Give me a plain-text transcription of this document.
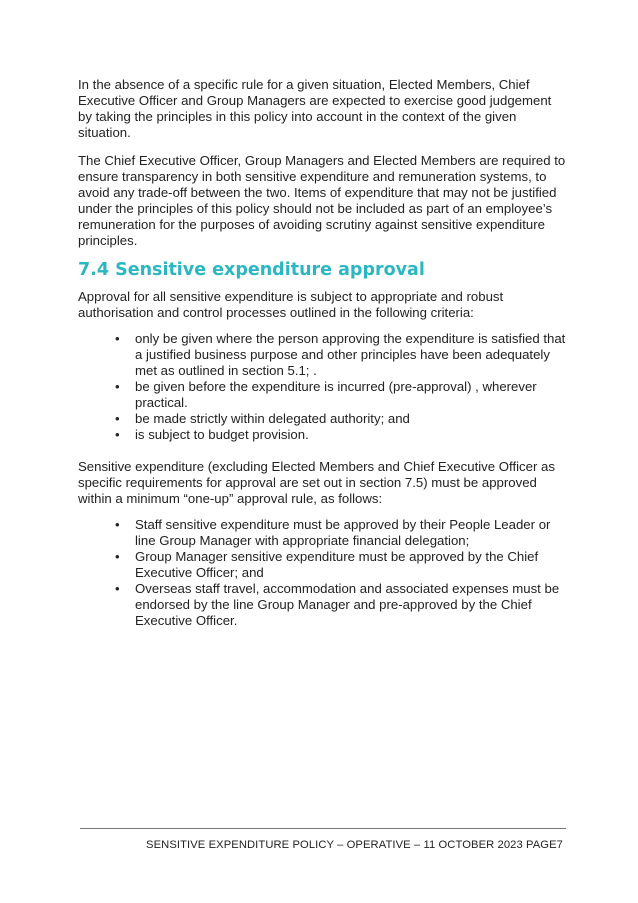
In the absence of a specific rule for a given situation, Elected Members, Chief Executive Officer and Group Managers are expected to exercise good judgement by taking the principles in this policy into account in the context of the given situation.

The Chief Executive Officer, Group Managers and Elected Members are required to ensure transparency in both sensitive expenditure and remuneration systems, to avoid any trade-off between the two. Items of expenditure that may not be justified under the principles of this policy should not be included as part of an employee’s remuneration for the purposes of avoiding scrutiny against sensitive expenditure principles.

7.4 Sensitive expenditure approval

Approval for all sensitive expenditure is subject to appropriate and robust authorisation and control processes outlined in the following criteria:

• only be given where the person approving the expenditure is satisfied that a justified business purpose and other principles have been adequately met as outlined in section 5.1; .
• be given before the expenditure is incurred (pre-approval) , wherever practical.
• be made strictly within delegated authority; and
• is subject to budget provision.

Sensitive expenditure (excluding Elected Members and Chief Executive Officer as specific requirements for approval are set out in section 7.5) must be approved within a minimum “one-up” approval rule, as follows:

• Staff sensitive expenditure must be approved by their People Leader or line Group Manager with appropriate financial delegation;
• Group Manager sensitive expenditure must be approved by the Chief Executive Officer; and
• Overseas staff travel, accommodation and associated expenses must be endorsed by the line Group Manager and pre-approved by the Chief Executive Officer.
SENSITIVE EXPENDITURE POLICY – OPERATIVE – 11 OCTOBER 2023 PAGE7
